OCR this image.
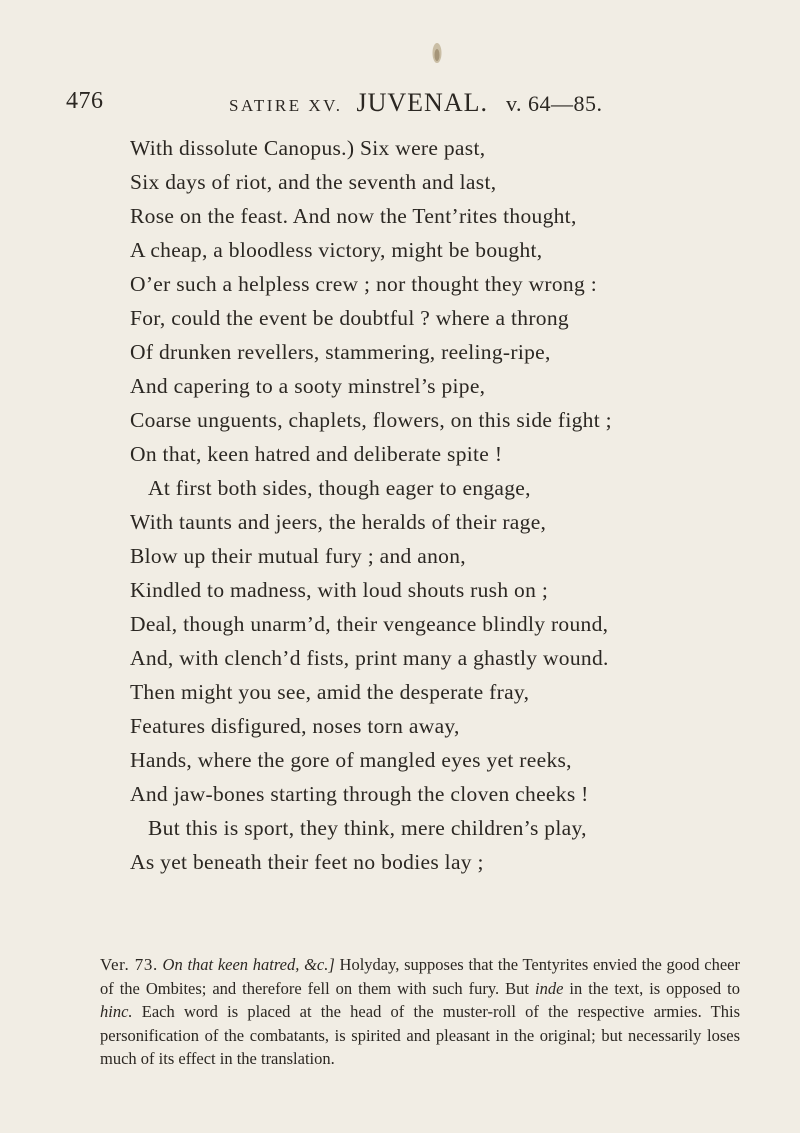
476	SATIRE XV. JUVENAL. v. 64—85.
With dissolute Canopus.) Six were past,
Six days of riot, and the seventh and last,
Rose on the feast. And now the Tent’rites thought,
A cheap, a bloodless victory, might be bought,
O’er such a helpless crew ; nor thought they wrong :
For, could the event be doubtful ? where a throng
Of drunken revellers, stammering, reeling-ripe,
And capering to a sooty minstrel’s pipe,
Coarse unguents, chaplets, flowers, on this side fight ;
On that, keen hatred and deliberate spite !
At first both sides, though eager to engage,
With taunts and jeers, the heralds of their rage,
Blow up their mutual fury ; and anon,
Kindled to madness, with loud shouts rush on ;
Deal, though unarm’d, their vengeance blindly round,
And, with clench’d fists, print many a ghastly wound.
Then might you see, amid the desperate fray,
Features disfigured, noses torn away,
Hands, where the gore of mangled eyes yet reeks,
And jaw-bones starting through the cloven cheeks !
But this is sport, they think, mere children’s play,
As yet beneath their feet no bodies lay ;

Ver. 73. On that keen hatred, &c.] Holyday, supposes that the Tentyrites envied the good cheer of the Ombites; and therefore fell on them with such fury. But inde in the text, is opposed to hinc. Each word is placed at the head of the muster-roll of the respective armies. This personification of the combatants, is spirited and pleasant in the original; but necessarily loses much of its effect in the translation.
